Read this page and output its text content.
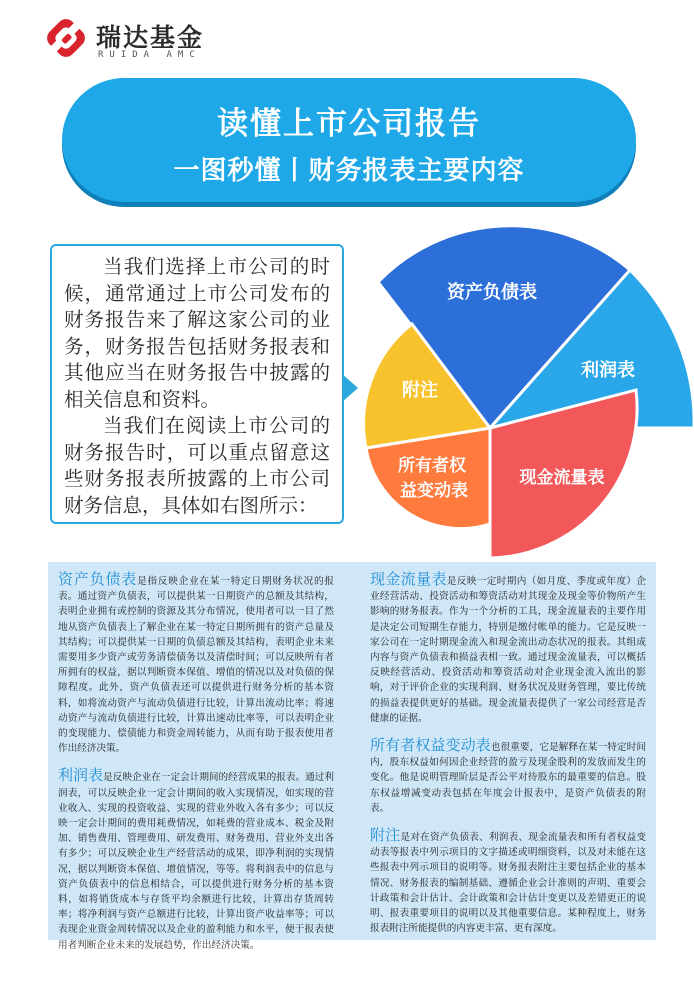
瑞达基金
RUIDA AMC
读懂上市公司报告
一图秒懂丨财务报表主要内容

当我们选择上市公司的时候，通常通过上市公司发布的财务报告来了解这家公司的业务，财务报告包括财务报表和其他应当在财务报告中披露的相关信息和资料。

当我们在阅读上市公司的财务报告时，可以重点留意这些财务报表所披露的上市公司财务信息，具体如右图所示：

资产负债表
利润表
现金流量表
所有者权
益变动表
附注

资产负债表是指反映企业在某一特定日期财务状况的报表。通过资产负债表，可以提供某一日期资产的总额及其结构，表明企业拥有或控制的资源及其分布情况，使用者可以一目了然地从资产负债表上了解企业在某一特定日期所拥有的资产总量及其结构；可以提供某一日期的负债总额及其结构，表明企业未来需要用多少资产或劳务清偿债务以及清偿时间；可以反映所有者所拥有的权益，据以判断资本保值、增值的情况以及对负债的保障程度。此外，资产负债表还可以提供进行财务分析的基本资料，如将流动资产与流动负债进行比较，计算出流动比率；将速动资产与流动负债进行比较，计算出速动比率等，可以表明企业的变现能力、偿债能力和资金周转能力，从而有助于报表使用者作出经济决策。

利润表是反映企业在一定会计期间的经营成果的报表。通过利润表，可以反映企业一定会计期间的收入实现情况，如实现的营业收入、实现的投资收益、实现的营业外收入各有多少；可以反映一定会计期间的费用耗费情况，如耗费的营业成本、税金及附加、销售费用、管理费用、研发费用、财务费用、营业外支出各有多少；可以反映企业生产经营活动的成果，即净利润的实现情况，据以判断资本保值、增值情况，等等。将利润表中的信息与资产负债表中的信息相结合，可以提供进行财务分析的基本资料，如将销货成本与存货平均余额进行比较，计算出存货周转率；将净利润与资产总额进行比较，计算出资产收益率等；可以表现企业资金周转情况以及企业的盈利能力和水平，便于报表使用者判断企业未来的发展趋势，作出经济决策。

现金流量表是反映一定时期内（如月度、季度或年度）企业经营活动、投资活动和筹资活动对其现金及现金等价物所产生影响的财务报表。作为一个分析的工具，现金流量表的主要作用是决定公司短期生存能力，特别是缴付帐单的能力。它是反映一家公司在一定时期现金流入和现金流出动态状况的报表。其组成内容与资产负债表和损益表相一致。通过现金流量表，可以概括反映经营活动、投资活动和筹资活动对企业现金流入流出的影响，对于评价企业的实现利润、财务状况及财务管理，要比传统的损益表提供更好的基础。现金流量表提供了一家公司经营是否健康的证据。

所有者权益变动表也很重要，它是解释在某一特定时间内，股东权益如何因企业经营的盈亏及现金股利的发放而发生的变化。他是说明管理阶层是否公平对待股东的最重要的信息。股东权益增减变动表包括在年度会计报表中，是资产负债表的附表。

附注是对在资产负债表、利润表、现金流量表和所有者权益变动表等报表中列示项目的文字描述或明细资料，以及对未能在这些报表中列示项目的说明等。财务报表附注主要包括企业的基本情况、财务报表的编制基础、遵循企业会计准则的声明、重要会计政策和会计估计、会计政策和会计估计变更以及差错更正的说明、报表重要项目的说明以及其他重要信息。某种程度上，财务报表附注所能提供的内容更丰富、更有深度。
